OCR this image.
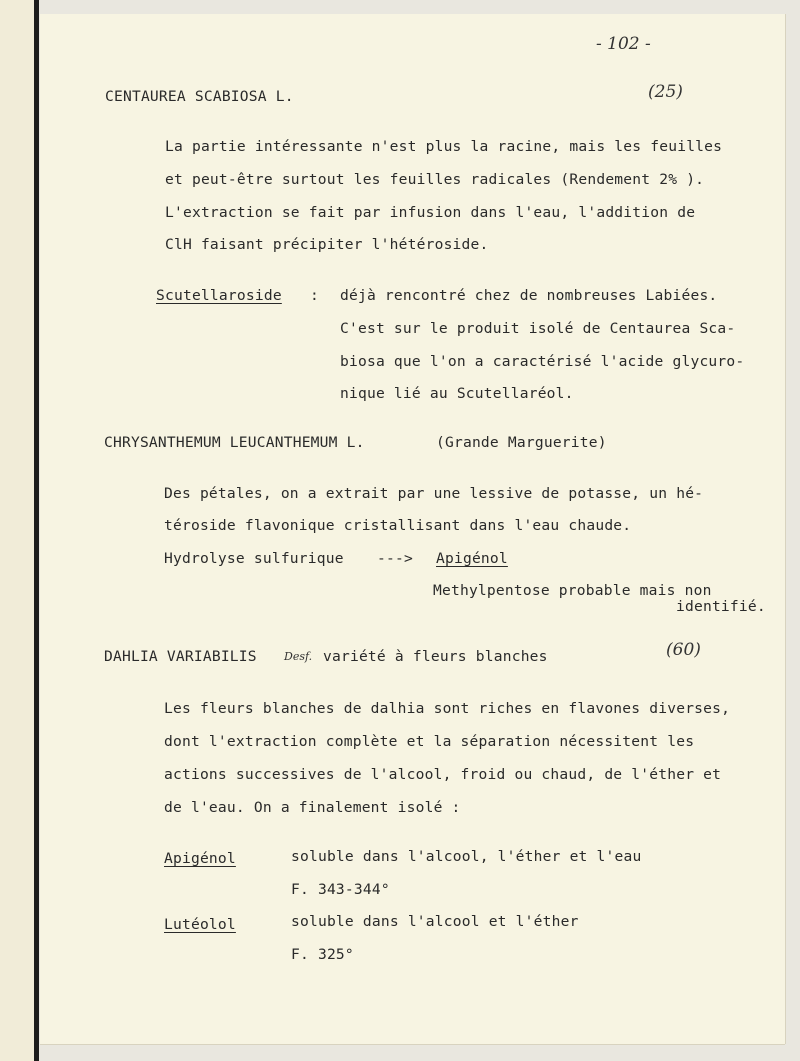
- 102 -
CENTAUREA SCABIOSA L.	(25)
La partie intéressante n'est plus la racine, mais les feuilles
et peut-être surtout les feuilles radicales (Rendement 2% ).
L'extraction se fait par infusion dans l'eau, l'addition de
ClH faisant précipiter l'hétéroside.
Scutellaroside : déjà rencontré chez de nombreuses Labiées.
C'est sur le produit isolé de Centaurea Sca-
biosa que l'on a caractérisé l'acide glycuro-
nique lié au Scutellaréol.
CHRYSANTHEMUM LEUCANTHEMUM L.	(Grande Marguerite)
Des pétales, on a extrait par une lessive de potasse, un hé-
téroside flavonique cristallisant dans l'eau chaude.
Hydrolyse sulfurique ---> Apigénol
Methylpentose probable mais non
identifié.
DAHLIA VARIABILIS Desf. variété à fleurs blanches	(60)
Les fleurs blanches de dalhia sont riches en flavones diverses,
dont l'extraction complète et la séparation nécessitent les
actions successives de l'alcool, froid ou chaud, de l'éther et
de l'eau. On a finalement isolé :
Apigénol	soluble dans l'alcool, l'éther et l'eau
F. 343-344°
Lutéolol	soluble dans l'alcool et l'éther
F. 325°
